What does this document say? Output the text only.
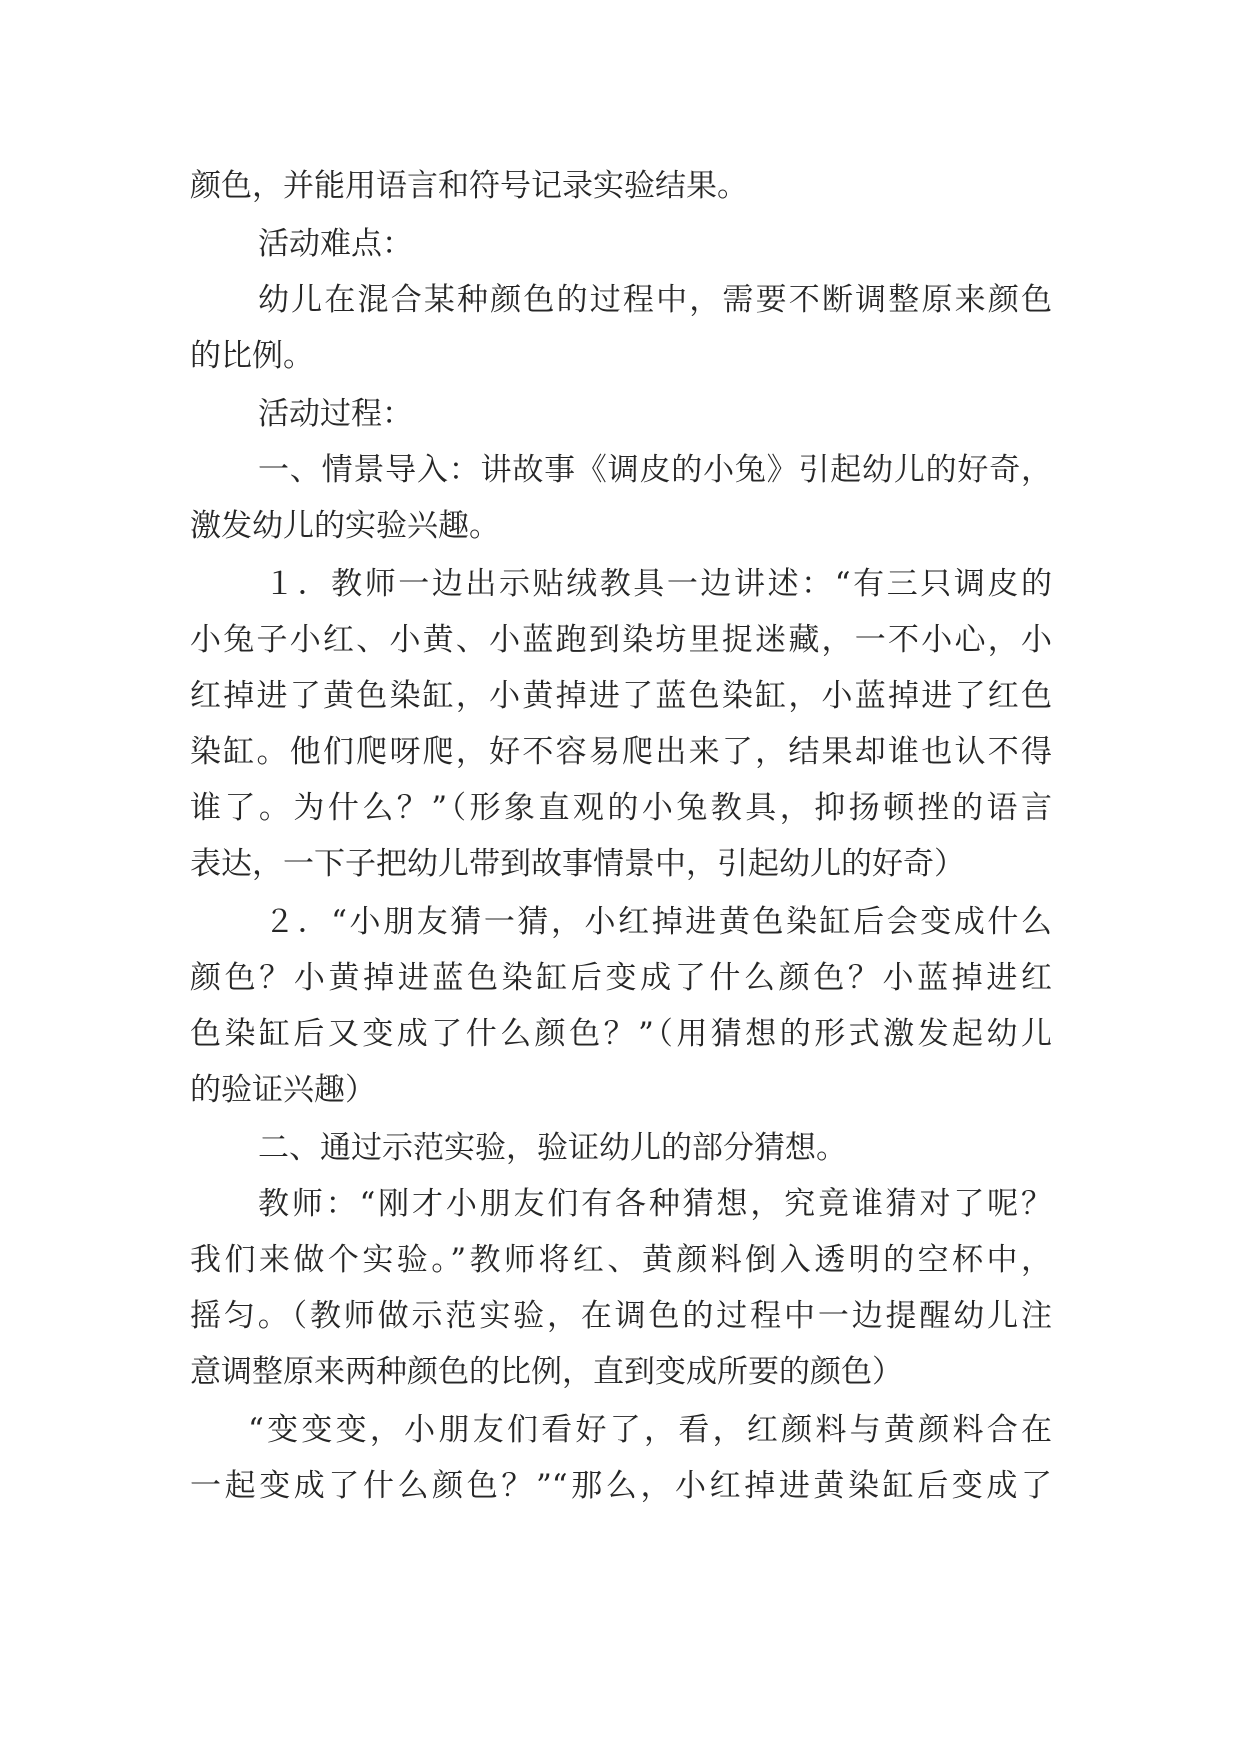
颜色，并能用语言和符号记录实验结果。
活动难点：
幼儿在混合某种颜色的过程中，需要不断调整原来颜色
的比例。
活动过程：
一、情景导入：讲故事《调皮的小兔》引起幼儿的好奇，
激发幼儿的实验兴趣。
１．教师一边出示贴绒教具一边讲述：“有三只调皮的
小兔子小红、小黄、小蓝跑到染坊里捉迷藏，一不小心，小
红掉进了黄色染缸，小黄掉进了蓝色染缸，小蓝掉进了红色
染缸。他们爬呀爬，好不容易爬出来了，结果却谁也认不得
谁了。为什么？”（形象直观的小兔教具，抑扬顿挫的语言
表达，一下子把幼儿带到故事情景中，引起幼儿的好奇）
２．“小朋友猜一猜，小红掉进黄色染缸后会变成什么
颜色？小黄掉进蓝色染缸后变成了什么颜色？小蓝掉进红
色染缸后又变成了什么颜色？”（用猜想的形式激发起幼儿
的验证兴趣）
二、通过示范实验，验证幼儿的部分猜想。
教师：“刚才小朋友们有各种猜想，究竟谁猜对了呢？
我们来做个实验。”教师将红、黄颜料倒入透明的空杯中，
摇匀。（教师做示范实验，在调色的过程中一边提醒幼儿注
意调整原来两种颜色的比例，直到变成所要的颜色）
“变变变，小朋友们看好了，看，红颜料与黄颜料合在
一起变成了什么颜色？”“那么，小红掉进黄染缸后变成了
